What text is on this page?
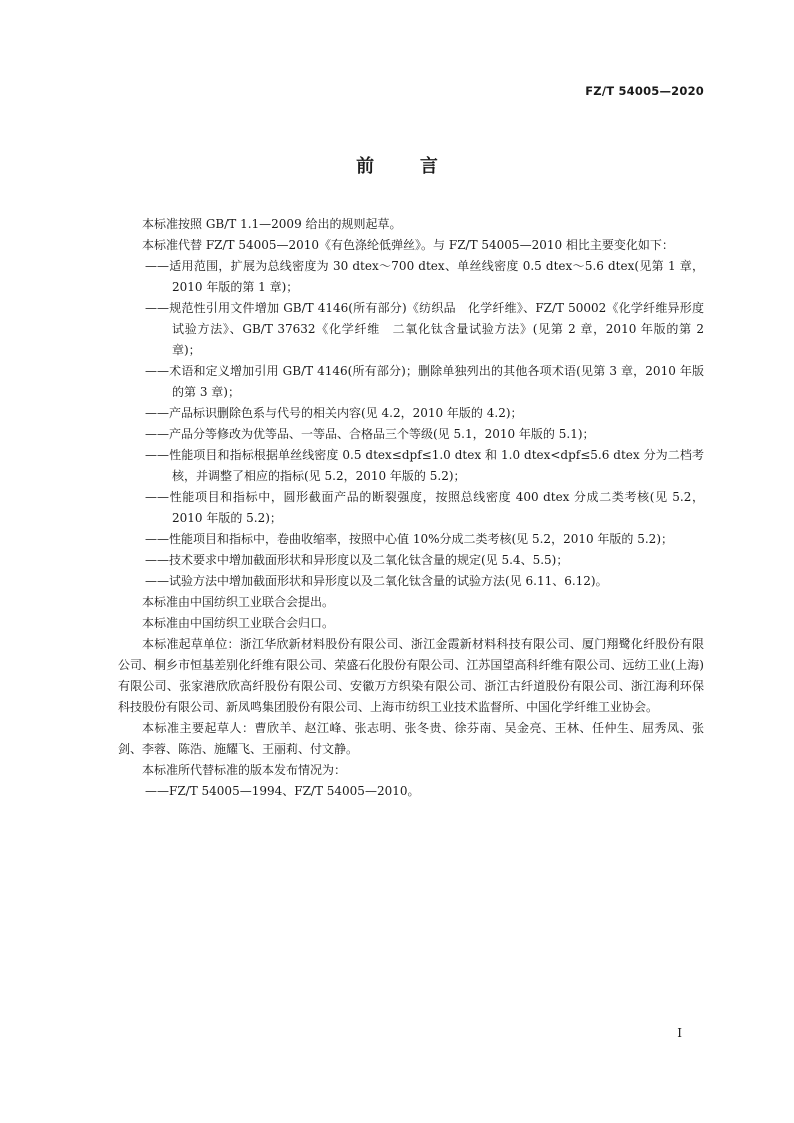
FZ/T 54005—2020
前 言

本标准按照 GB/T 1.1—2009 给出的规则起草。

本标准代替 FZ/T 54005—2010《有色涤纶低弹丝》。与 FZ/T 54005—2010 相比主要变化如下：

——适用范围，扩展为总线密度为 30 dtex～700 dtex、单丝线密度 0.5 dtex～5.6 dtex(见第 1 章，2010 年版的第 1 章)；

——规范性引用文件增加 GB/T 4146(所有部分)《纺织品　化学纤维》、FZ/T 50002《化学纤维异形度试验方法》、GB/T 37632《化学纤维　二氧化钛含量试验方法》(见第 2 章，2010 年版的第 2 章)；

——术语和定义增加引用 GB/T 4146(所有部分)；删除单独列出的其他各项术语(见第 3 章，2010 年版的第 3 章)；

——产品标识删除色系与代号的相关内容(见 4.2，2010 年版的 4.2)；

——产品分等修改为优等品、一等品、合格品三个等级(见 5.1，2010 年版的 5.1)；

——性能项目和指标根据单丝线密度 0.5 dtex≤dpf≤1.0 dtex 和 1.0 dtex<dpf≤5.6 dtex 分为二档考核，并调整了相应的指标(见 5.2，2010 年版的 5.2)；

——性能项目和指标中，圆形截面产品的断裂强度，按照总线密度 400 dtex 分成二类考核(见 5.2，2010 年版的 5.2)；

——性能项目和指标中，卷曲收缩率，按照中心值 10%分成二类考核(见 5.2，2010 年版的 5.2)；

——技术要求中增加截面形状和异形度以及二氧化钛含量的规定(见 5.4、5.5)；

——试验方法中增加截面形状和异形度以及二氧化钛含量的试验方法(见 6.11、6.12)。

本标准由中国纺织工业联合会提出。

本标准由中国纺织工业联合会归口。

本标准起草单位：浙江华欣新材料股份有限公司、浙江金霞新材料科技有限公司、厦门翔鹭化纤股份有限公司、桐乡市恒基差别化纤维有限公司、荣盛石化股份有限公司、江苏国望高科纤维有限公司、远纺工业(上海)有限公司、张家港欣欣高纤股份有限公司、安徽万方织染有限公司、浙江古纤道股份有限公司、浙江海利环保科技股份有限公司、新凤鸣集团股份有限公司、上海市纺织工业技术监督所、中国化学纤维工业协会。

本标准主要起草人：曹欣羊、赵江峰、张志明、张冬贵、徐芬南、吴金亮、王林、任仲生、屈秀凤、张剑、李蓉、陈浩、施耀飞、王丽莉、付文静。

本标准所代替标准的版本发布情况为：

——FZ/T 54005—1994、FZ/T 54005—2010。

I
